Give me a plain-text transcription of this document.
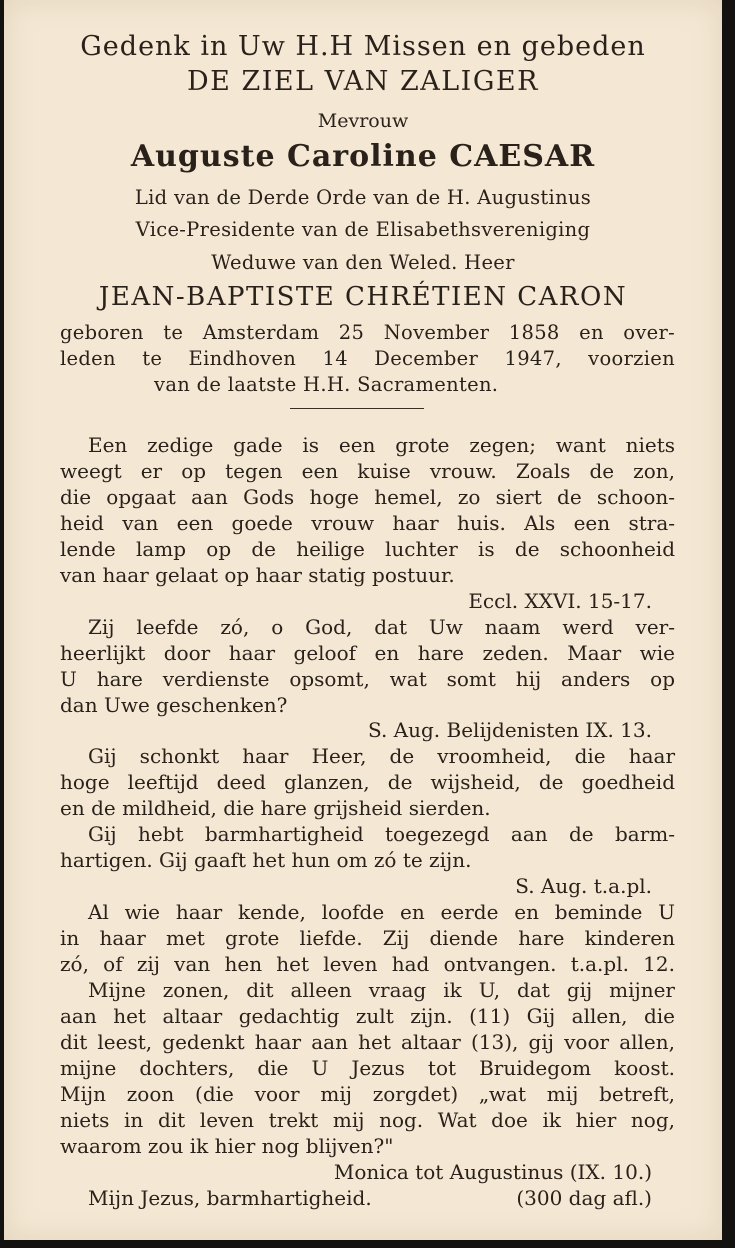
Gedenk in Uw H.H Missen en gebeden
DE ZIEL VAN ZALIGER
Mevrouw
Auguste Caroline CAESAR
Lid van de Derde Orde van de H. Augustinus
Vice-Presidente van de Elisabethsvereniging
Weduwe van den Weled. Heer
JEAN-BAPTISTE CHRÉTIEN CARON
geboren te Amsterdam 25 November 1858 en over-
leden te Eindhoven 14 December 1947, voorzien
van de laatste H.H. Sacramenten.
Een zedige gade is een grote zegen; want niets
weegt er op tegen een kuise vrouw. Zoals de zon,
die opgaat aan Gods hoge hemel, zo siert de schoon-
heid van een goede vrouw haar huis. Als een stra-
lende lamp op de heilige luchter is de schoonheid
van haar gelaat op haar statig postuur.
Eccl. XXVI. 15-17.
Zij leefde zó, o God, dat Uw naam werd ver-
heerlijkt door haar geloof en hare zeden. Maar wie
U hare verdienste opsomt, wat somt hij anders op
dan Uwe geschenken?
S. Aug. Belijdenisten IX. 13.
Gij schonkt haar Heer, de vroomheid, die haar
hoge leeftijd deed glanzen, de wijsheid, de goedheid
en de mildheid, die hare grijsheid sierden.
Gij hebt barmhartigheid toegezegd aan de barm-
hartigen. Gij gaaft het hun om zó te zijn.
S. Aug. t.a.pl.
Al wie haar kende, loofde en eerde en beminde U
in haar met grote liefde. Zij diende hare kinderen
zó, of zij van hen het leven had ontvangen. t.a.pl. 12.
Mijne zonen, dit alleen vraag ik U, dat gij mijner
aan het altaar gedachtig zult zijn. (11) Gij allen, die
dit leest, gedenkt haar aan het altaar (13), gij voor allen,
mijne dochters, die U Jezus tot Bruidegom koost.
Mijn zoon (die voor mij zorgdet) „wat mij betreft,
niets in dit leven trekt mij nog. Wat doe ik hier nog,
waarom zou ik hier nog blijven?"
Monica tot Augustinus (IX. 10.)
Mijn Jezus, barmhartigheid.	(300 dag afl.)
